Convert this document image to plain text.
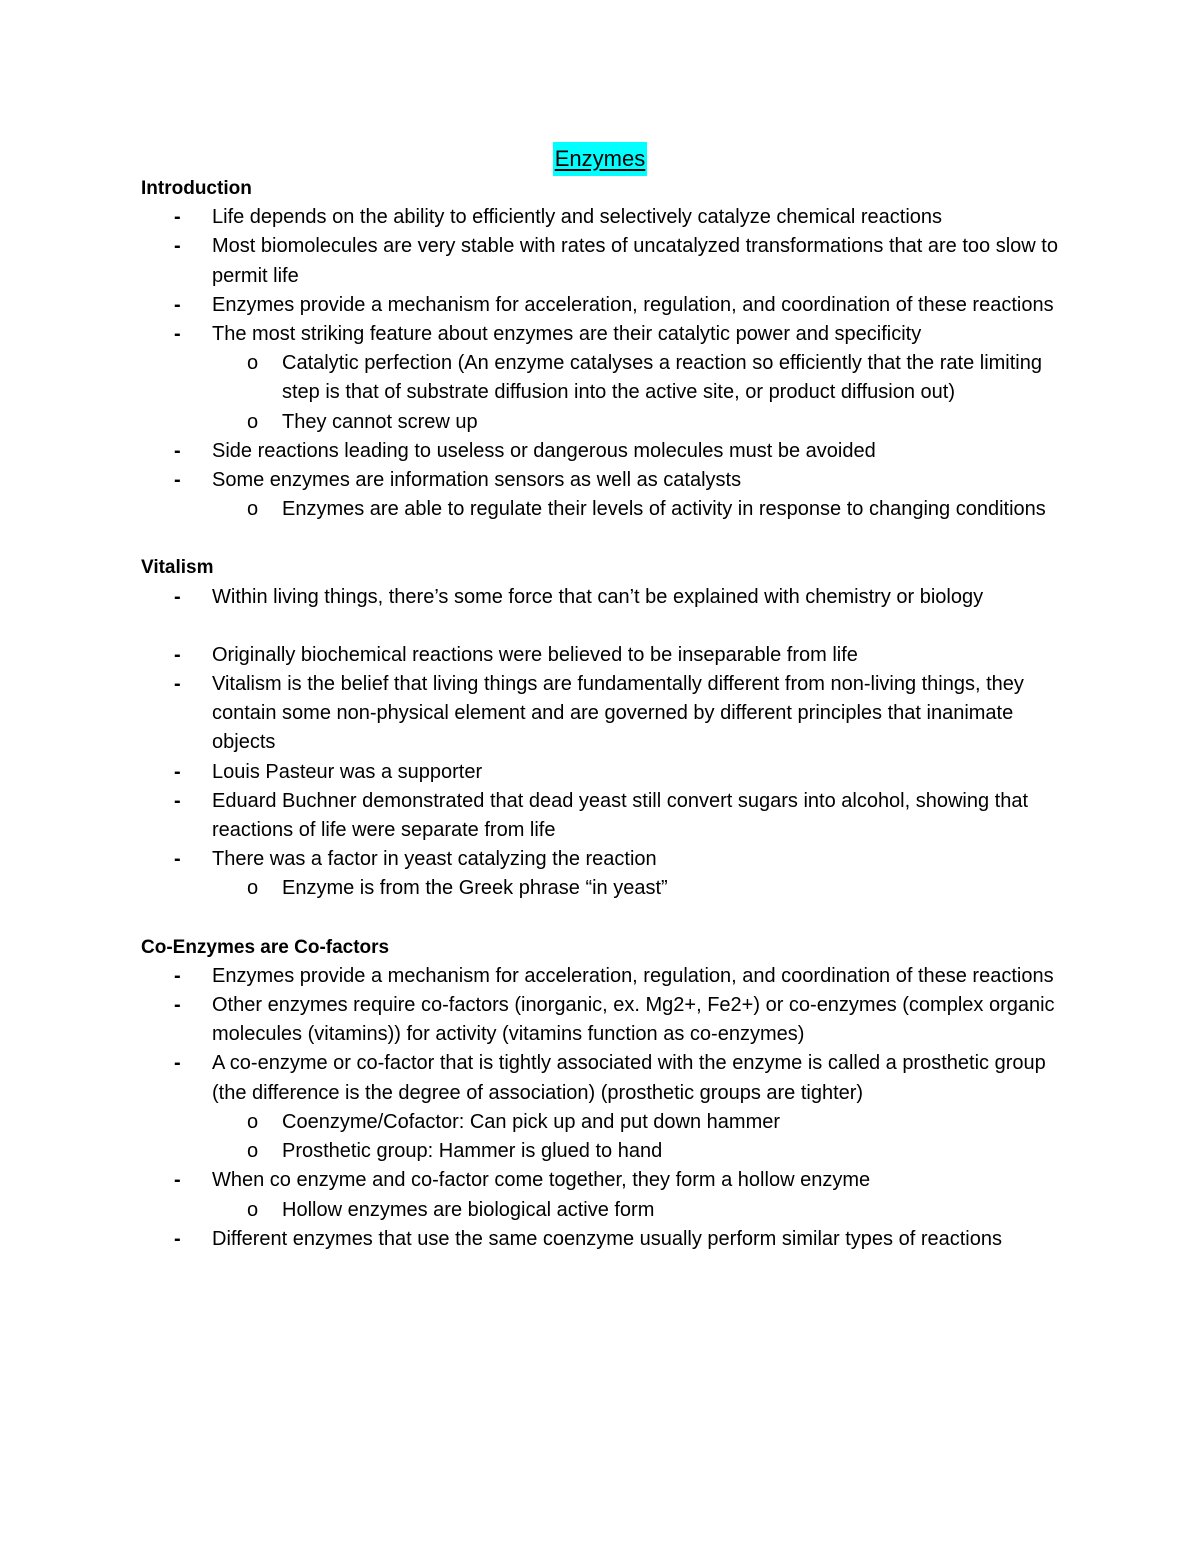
Enzymes
Introduction
-	Life depends on the ability to efficiently and selectively catalyze chemical reactions
-	Most biomolecules are very stable with rates of uncatalyzed transformations that are too slow to permit life
-	Enzymes provide a mechanism for acceleration, regulation, and coordination of these reactions
-	The most striking feature about enzymes are their catalytic power and specificity
o	Catalytic perfection (An enzyme catalyses a reaction so efficiently that the rate limiting step is that of substrate diffusion into the active site, or product diffusion out)
o	They cannot screw up
-	Side reactions leading to useless or dangerous molecules must be avoided
-	Some enzymes are information sensors as well as catalysts
o	Enzymes are able to regulate their levels of activity in response to changing conditions
Vitalism
-	Within living things, there’s some force that can’t be explained with chemistry or biology
-	Originally biochemical reactions were believed to be inseparable from life
-	Vitalism is the belief that living things are fundamentally different from non-living things, they contain some non-physical element and are governed by different principles that inanimate objects
-	Louis Pasteur was a supporter
-	Eduard Buchner demonstrated that dead yeast still convert sugars into alcohol, showing that reactions of life were separate from life
-	There was a factor in yeast catalyzing the reaction
o	Enzyme is from the Greek phrase “in yeast”
Co-Enzymes are Co-factors
-	Enzymes provide a mechanism for acceleration, regulation, and coordination of these reactions
-	Other enzymes require co-factors (inorganic, ex. Mg2+, Fe2+) or co-enzymes (complex organic molecules (vitamins)) for activity (vitamins function as co-enzymes)
-	A co-enzyme or co-factor that is tightly associated with the enzyme is called a prosthetic group (the difference is the degree of association) (prosthetic groups are tighter)
o	Coenzyme/Cofactor: Can pick up and put down hammer
o	Prosthetic group: Hammer is glued to hand
-	When co enzyme and co-factor come together, they form a hollow enzyme
o	Hollow enzymes are biological active form
-	Different enzymes that use the same coenzyme usually perform similar types of reactions
